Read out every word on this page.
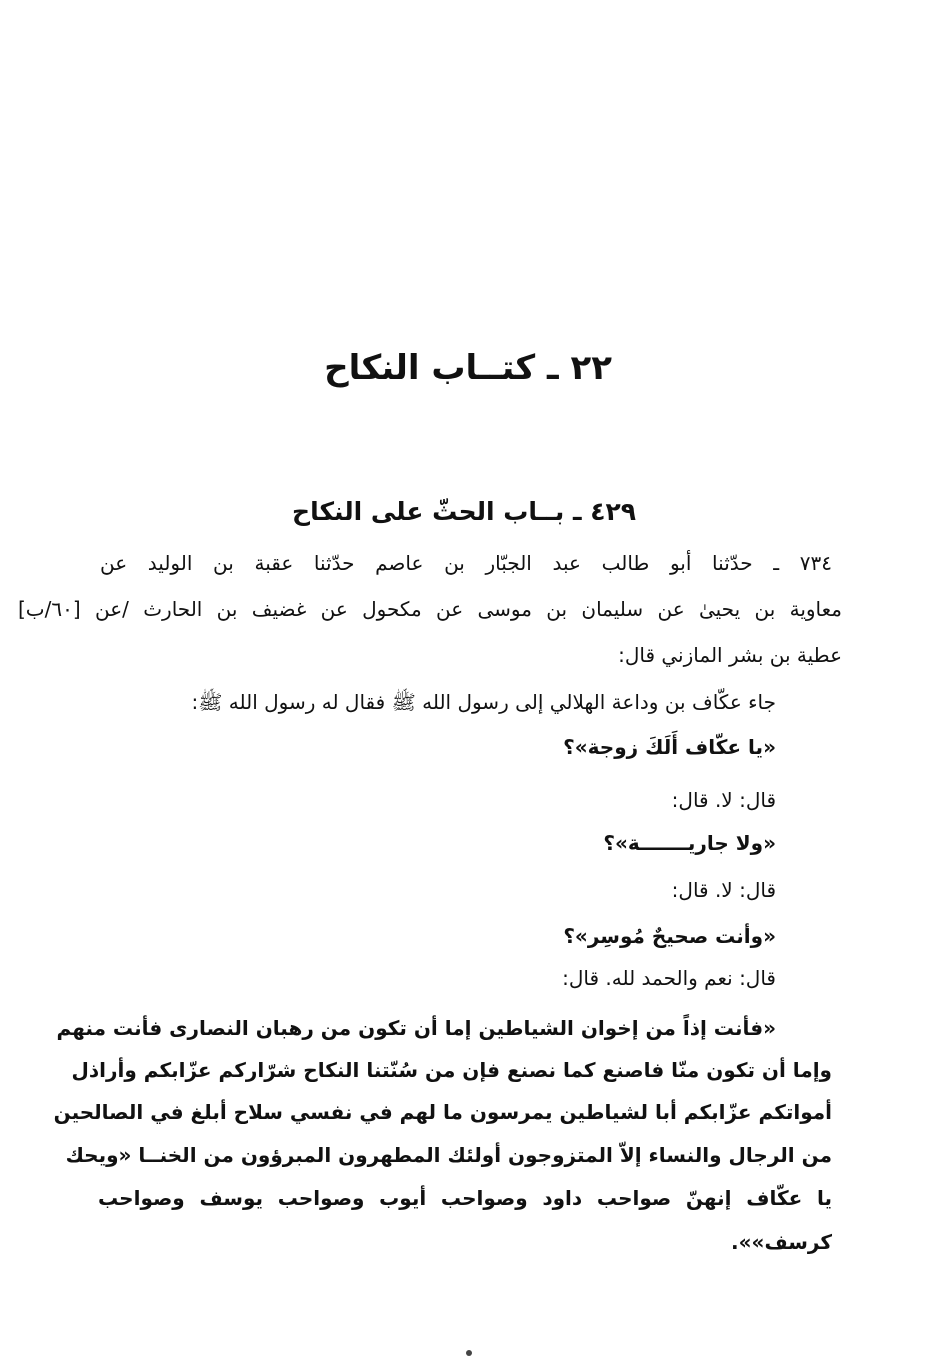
٢٢ ـ كتــاب النكاح
٤٢٩ ـ بــاب الحثّ على النكاح
٧٣٤ ـ حدّثنا أبو طالب عبد الجبّار بن عاصم حدّثنا عقبة بن الوليد عن
معاوية بن يحيىٰ عن سليمان بن موسى عن مكحول عن غضيف بن الحارث /عن [٦٠/ب]
عطية بن بشر المازني قال:
جاء عكّاف بن وداعة الهلالي إلى رسول الله ﷺ فقال له رسول الله ﷺ:
«يا عكّاف أَلَكَ زوجة»؟
قال: لا. قال:
«ولا جاريـــــــة»؟
قال: لا. قال:
«وأنت صحيحٌ مُوسِر»؟
قال: نعم والحمد لله. قال:
«فأنت إذاً من إخوان الشياطين إما أن تكون من رهبان النصارى فأنت منهم
وإما أن تكون منّا فاصنع كما نصنع فإن من سُنّتنا النكاح شرّاركم عزّابكم وأراذل
أمواتكم عزّابكم أبا لشياطين يمرسون ما لهم في نفسي سلاح أبلغ في الصالحين
من الرجال والنساء إلاّ المتزوجون أولئك المطهرون المبرؤون من الخنــا «ويحك
يا عكّاف إنهنّ صواحب داود وصواحب أيوب وصواحب يوسف وصواحب
كرسف»».
